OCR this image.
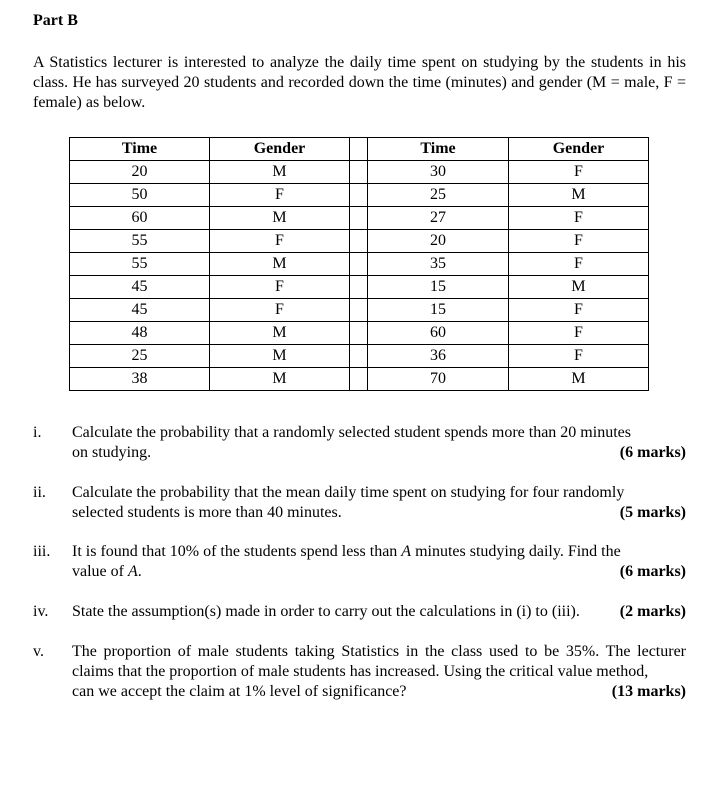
Part B
A Statistics lecturer is interested to analyze the daily time spent on studying by the students in his class. He has surveyed 20 students and recorded down the time (minutes) and gender (M = male, F = female) as below.
Time	Gender		Time	Gender
20	M		30	F
50	F		25	M
60	M		27	F
55	F		20	F
55	M		35	F
45	F		15	M
45	F		15	F
48	M		60	F
25	M		36	F
38	M		70	M
i. Calculate the probability that a randomly selected student spends more than 20 minutes
on studying.	(6 marks)
ii. Calculate the probability that the mean daily time spent on studying for four randomly
selected students is more than 40 minutes.	(5 marks)
iii. It is found that 10% of the students spend less than A minutes studying daily. Find the
value of A.	(6 marks)
iv. State the assumption(s) made in order to carry out the calculations in (i) to (iii). (2 marks)
v. The proportion of male students taking Statistics in the class used to be 35%. The lecturer claims that the proportion of male students has increased. Using the critical value method,
can we accept the claim at 1% level of significance?	(13 marks)
